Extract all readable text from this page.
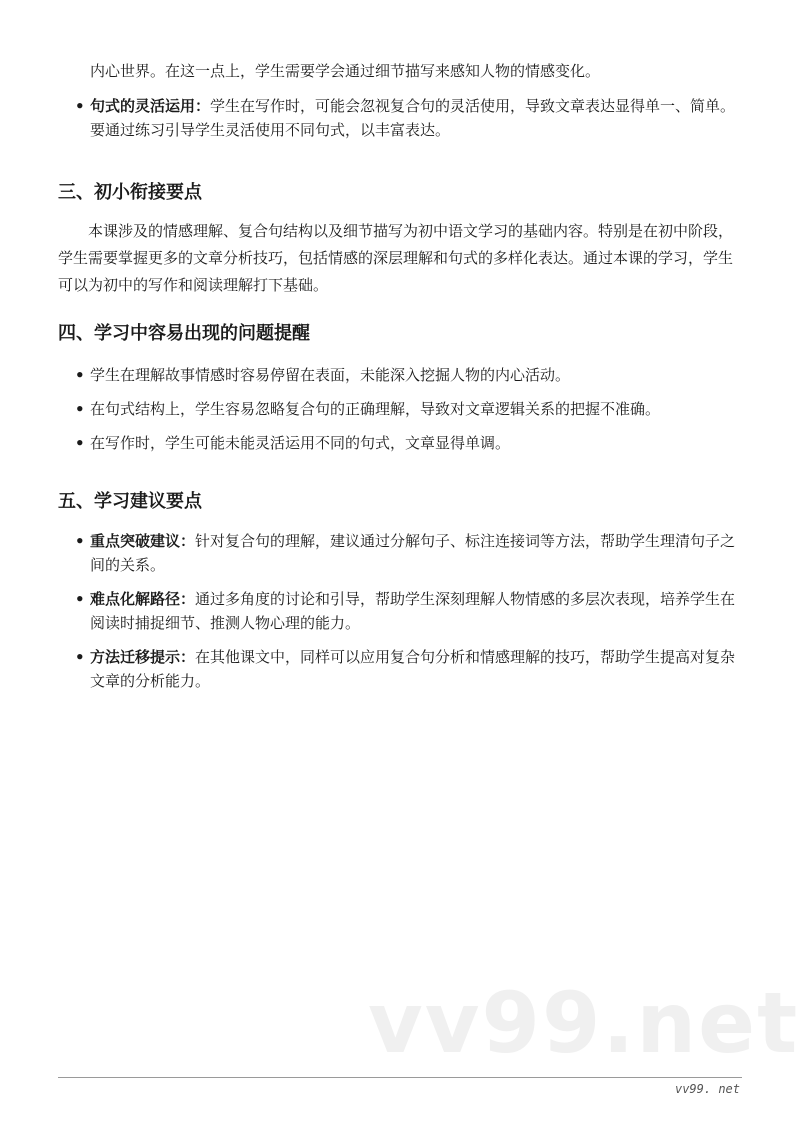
内心世界。在这一点上，学生需要学会通过细节描写来感知人物的情感变化。

• 句式的灵活运用：学生在写作时，可能会忽视复合句的灵活使用，导致文章表达显得单一、简单。要通过练习引导学生灵活使用不同句式，以丰富表达。
三、初小衔接要点

本课涉及的情感理解、复合句结构以及细节描写为初中语文学习的基础内容。特别是在初中阶段，学生需要掌握更多的文章分析技巧，包括情感的深层理解和句式的多样化表达。通过本课的学习，学生可以为初中的写作和阅读理解打下基础。

四、学习中容易出现的问题提醒
• 学生在理解故事情感时容易停留在表面，未能深入挖掘人物的内心活动。
• 在句式结构上，学生容易忽略复合句的正确理解，导致对文章逻辑关系的把握不准确。
• 在写作时，学生可能未能灵活运用不同的句式，文章显得单调。
五、学习建议要点
• 重点突破建议：针对复合句的理解，建议通过分解句子、标注连接词等方法，帮助学生理清句子之间的关系。
• 难点化解路径：通过多角度的讨论和引导，帮助学生深刻理解人物情感的多层次表现，培养学生在阅读时捕捉细节、推测人物心理的能力。
• 方法迁移提示：在其他课文中，同样可以应用复合句分析和情感理解的技巧，帮助学生提高对复杂文章的分析能力。
vv99.net
vv99. net
